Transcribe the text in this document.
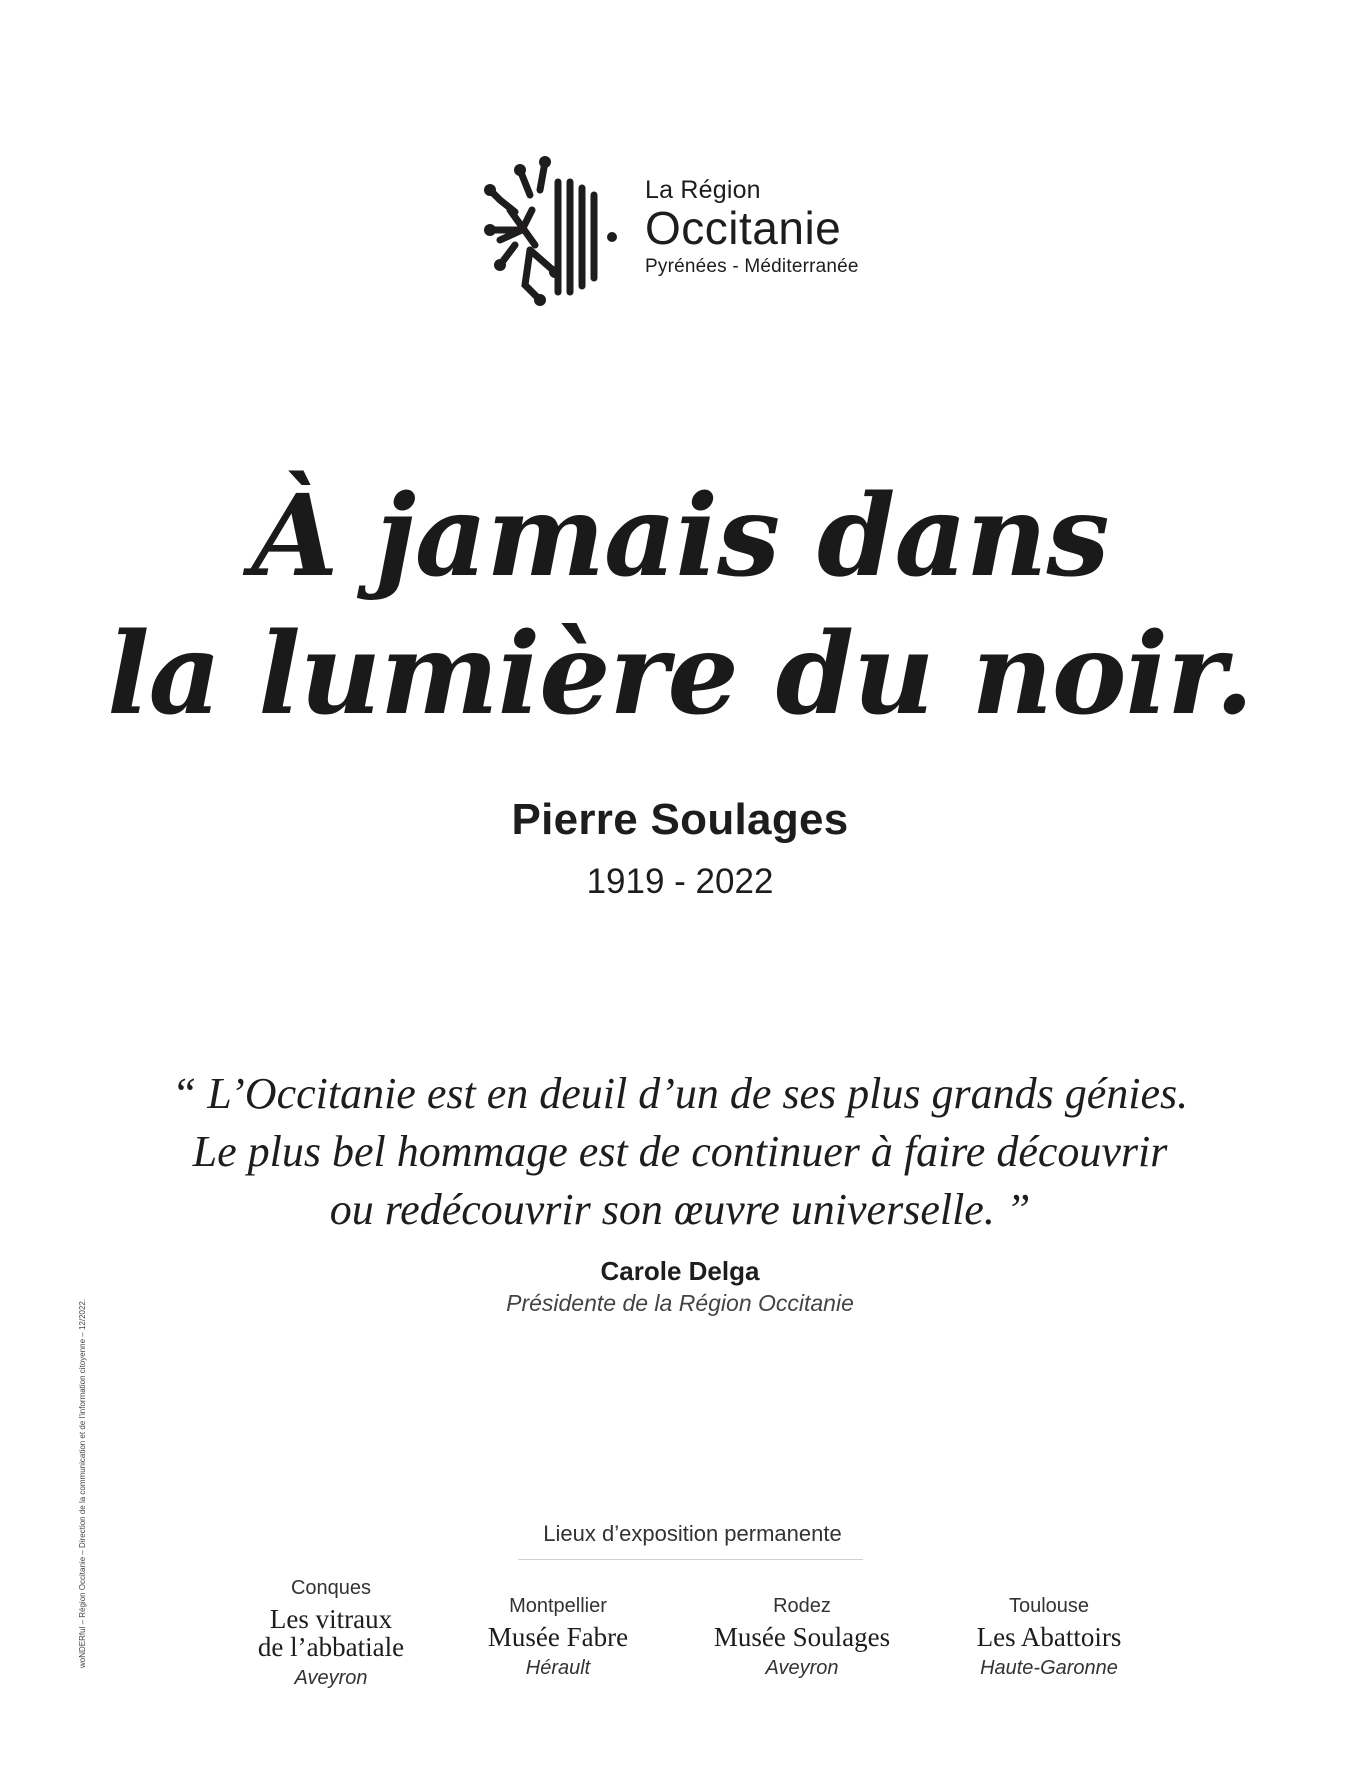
La Région
Occitanie
Pyrénées - Méditerranée
À jamais dans
la lumière du noir.
Pierre Soulages
1919 - 2022
“ L’Occitanie est en deuil d’un de ses plus grands génies.
Le plus bel hommage est de continuer à faire découvrir
ou redécouvrir son œuvre universelle. ”
Carole Delga
Présidente de la Région Occitanie
woNDERful – Région Occitanie – Direction de la communication et de l’information citoyenne – 12/2022.	Lieux d’exposition permanente
Conques
Les vitraux
de l’abbatiale
Aveyron
Montpellier
Musée Fabre
Hérault
Rodez
Musée Soulages
Aveyron
Toulouse
Les Abattoirs
Haute-Garonne
